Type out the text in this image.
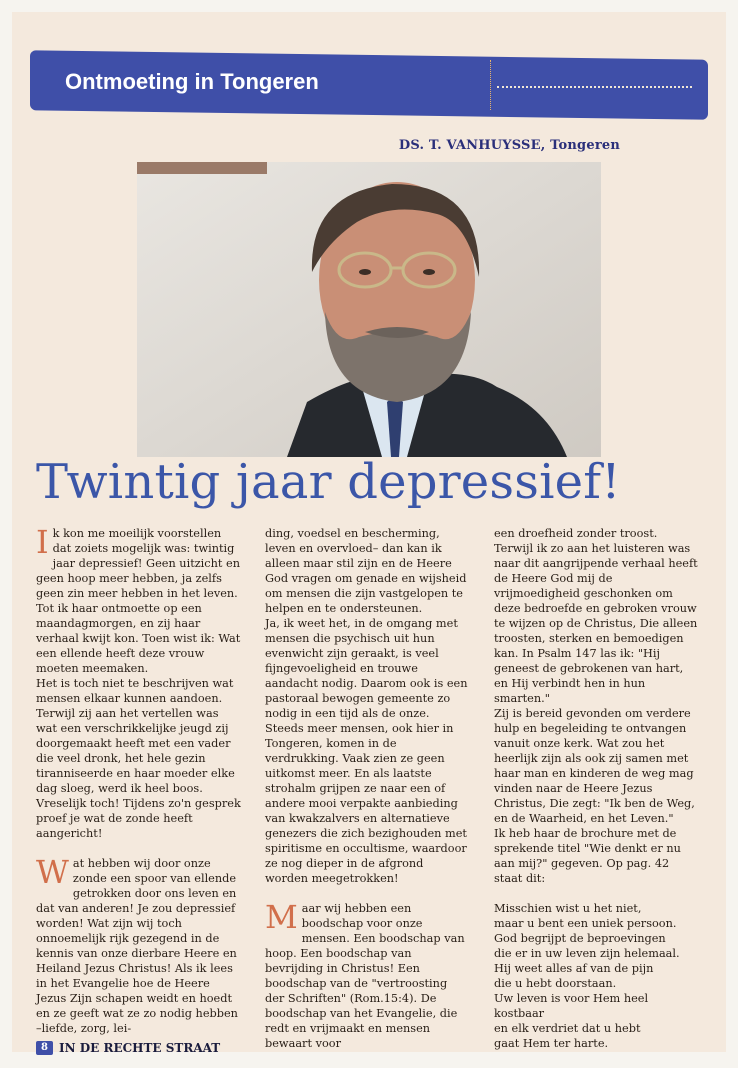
Ontmoeting in Tongeren
DS. T. VANHUYSSE, Tongeren
Twintig jaar depressief!

Ik kon me moeilijk voorstellen dat zoiets mogelijk was: twintig jaar depressief! Geen uitzicht en geen hoop meer hebben, ja zelfs geen zin meer hebben in het leven. Tot ik haar ontmoette op een maandagmorgen, en zij haar verhaal kwijt kon. Toen wist ik: Wat een ellende heeft deze vrouw moeten meemaken.

Het is toch niet te beschrijven wat mensen elkaar kunnen aandoen. Terwijl zij aan het vertellen was wat een verschrikkelijke jeugd zij doorgemaakt heeft met een vader die veel dronk, het hele gezin tiranniseerde en haar moeder elke dag sloeg, werd ik heel boos. Vreselijk toch! Tijdens zo'n gesprek proef je wat de zonde heeft aangericht!

Wat hebben wij door onze zonde een spoor van ellende getrokken door ons leven en dat van anderen! Je zou depressief worden! Wat zijn wij toch onnoemelijk rijk gezegend in de kennis van onze dierbare Heere en Heiland Jezus Christus! Als ik lees in het Evangelie hoe de Heere Jezus Zijn schapen weidt en hoedt en ze geeft wat ze zo nodig hebben –liefde, zorg, lei-

ding, voedsel en bescherming, leven en overvloed– dan kan ik alleen maar stil zijn en de Heere God vragen om genade en wijsheid om mensen die zijn vastgelopen te helpen en te ondersteunen.

Ja, ik weet het, in de omgang met mensen die psychisch uit hun evenwicht zijn geraakt, is veel fijngevoeligheid en trouwe aandacht nodig. Daarom ook is een pastoraal bewogen gemeente zo nodig in een tijd als de onze. Steeds meer mensen, ook hier in Tongeren, komen in de verdrukking. Vaak zien ze geen uitkomst meer. En als laatste strohalm grijpen ze naar een of andere mooi verpakte aanbieding van kwakzalvers en alternatieve genezers die zich bezighouden met spiritisme en occultisme, waardoor ze nog dieper in de afgrond worden meegetrokken!

Maar wij hebben een boodschap voor onze mensen. Een boodschap van hoop. Een boodschap van bevrijding in Christus! Een boodschap van de "vertroosting der Schriften" (Rom.15:4). De boodschap van het Evangelie, die redt en vrijmaakt en mensen bewaart voor

een droefheid zonder troost.

Terwijl ik zo aan het luisteren was naar dit aangrijpende verhaal heeft de Heere God mij de vrijmoedigheid geschonken om deze bedroefde en gebroken vrouw te wijzen op de Christus, Die alleen troosten, sterken en bemoedigen kan. In Psalm 147 las ik: "Hij geneest de gebrokenen van hart, en Hij verbindt hen in hun smarten."

Zij is bereid gevonden om verdere hulp en begeleiding te ontvangen vanuit onze kerk. Wat zou het heerlijk zijn als ook zij samen met haar man en kinderen de weg mag vinden naar de Heere Jezus Christus, Die zegt: "Ik ben de Weg, en de Waarheid, en het Leven."

Ik heb haar de brochure met de sprekende titel "Wie denkt er nu aan mij?" gegeven. Op pag. 42 staat dit:

Misschien wist u het niet,

maar u bent een uniek persoon.

God begrijpt de beproevingen

die er in uw leven zijn helemaal.

Hij weet alles af van de pijn

die u hebt doorstaan.

Uw leven is voor Hem heel kostbaar

en elk verdriet dat u hebt

gaat Hem ter harte.

8 IN DE RECHTE STRAAT
